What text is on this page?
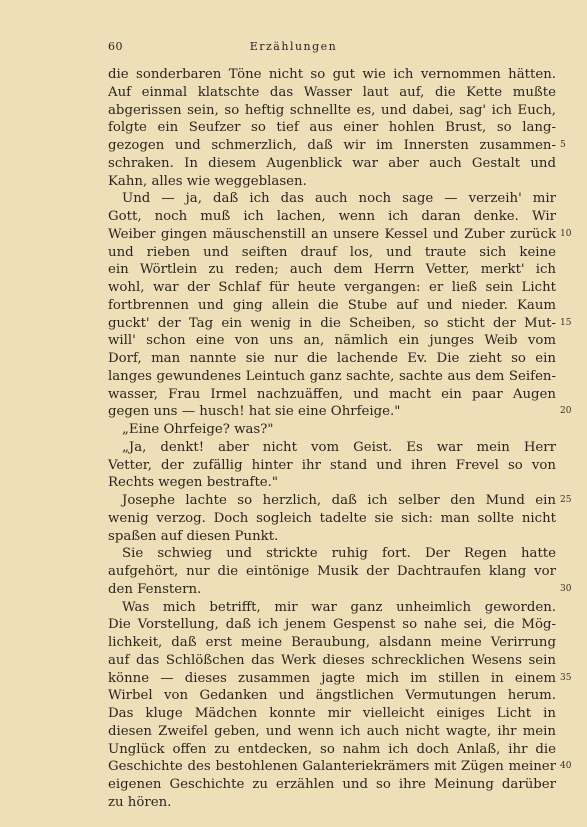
60	Erzählungen
die sonderbaren Töne nicht so gut wie ich vernommen hätten.
Auf einmal klatschte das Wasser laut auf, die Kette mußte
abgerissen sein, so heftig schnellte es, und dabei, sag' ich Euch,
folgte ein Seufzer so tief aus einer hohlen Brust, so lang-
gezogen und schmerzlich, daß wir im Innersten zusammen- 5
schraken. In diesem Augenblick war aber auch Gestalt und
Kahn, alles wie weggeblasen.
Und — ja, daß ich das auch noch sage — verzeih' mir
Gott, noch muß ich lachen, wenn ich daran denke. Wir
Weiber gingen mäuschenstill an unsere Kessel und Zuber zurück 10
und rieben und seiften drauf los, und traute sich keine
ein Wörtlein zu reden; auch dem Herrn Vetter, merkt' ich
wohl, war der Schlaf für heute vergangen: er ließ sein Licht
fortbrennen und ging allein die Stube auf und nieder. Kaum
guckt' der Tag ein wenig in die Scheiben, so sticht der Mut- 15
will' schon eine von uns an, nämlich ein junges Weib vom
Dorf, man nannte sie nur die lachende Ev. Die zieht so ein
langes gewundenes Leintuch ganz sachte, sachte aus dem Seifen-
wasser, Frau Irmel nachzuäffen, und macht ein paar Augen
gegen uns — husch! hat sie eine Ohrfeige."	20
„Eine Ohrfeige? was?"
„Ja, denkt! aber nicht vom Geist. Es war mein Herr
Vetter, der zufällig hinter ihr stand und ihren Frevel so von
Rechts wegen bestrafte."
Josephe lachte so herzlich, daß ich selber den Mund ein 25
wenig verzog. Doch sogleich tadelte sie sich: man sollte nicht
spaßen auf diesen Punkt.
Sie schwieg und strickte ruhig fort. Der Regen hatte
aufgehört, nur die eintönige Musik der Dachtraufen klang vor
den Fenstern.	30
Was mich betrifft, mir war ganz unheimlich geworden.
Die Vorstellung, daß ich jenem Gespenst so nahe sei, die Mög-
lichkeit, daß erst meine Beraubung, alsdann meine Verirrung
auf das Schlößchen das Werk dieses schrecklichen Wesens sein
könne — dieses zusammen jagte mich im stillen in einem 35
Wirbel von Gedanken und ängstlichen Vermutungen herum.
Das kluge Mädchen konnte mir vielleicht einiges Licht in
diesen Zweifel geben, und wenn ich auch nicht wagte, ihr mein
Unglück offen zu entdecken, so nahm ich doch Anlaß, ihr die
Geschichte des bestohlenen Galanteriekrämers mit Zügen meiner 40
eigenen Geschichte zu erzählen und so ihre Meinung darüber
zu hören.
